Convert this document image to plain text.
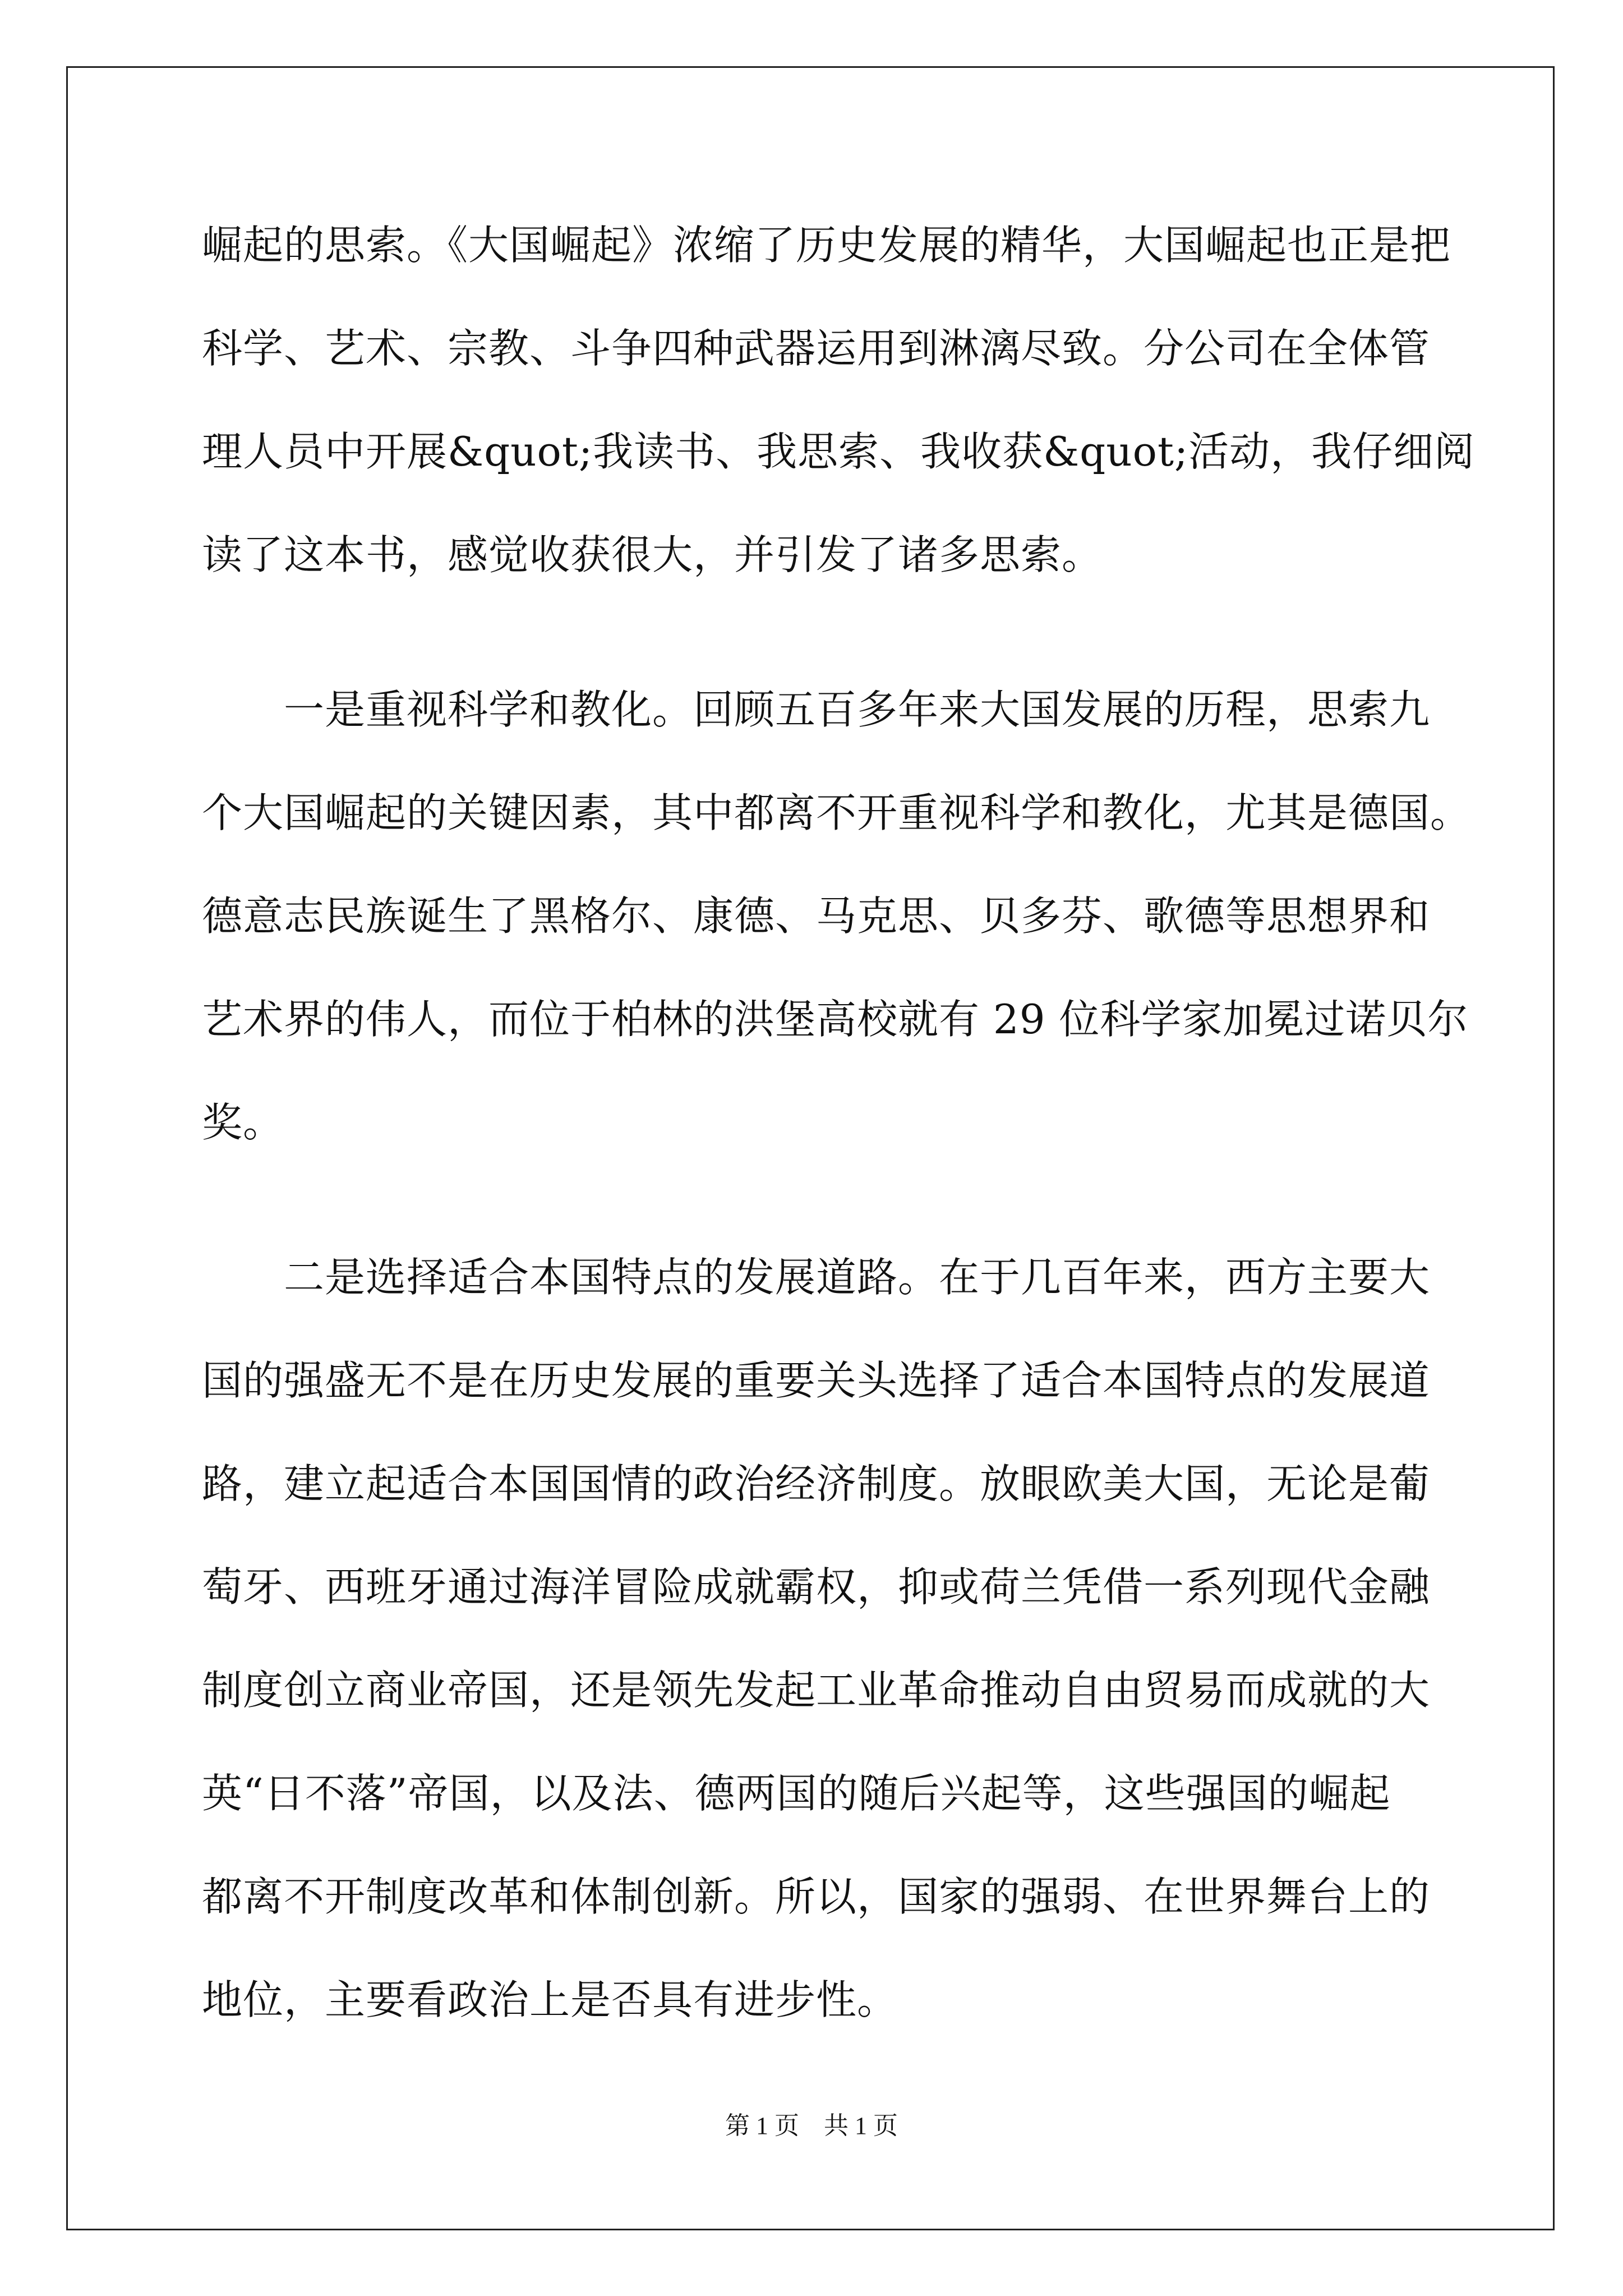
崛起的思索。《大国崛起》浓缩了历史发展的精华，大国崛起也正是把
科学、艺术、宗教、斗争四种武器运用到淋漓尽致。分公司在全体管
理人员中开展&quot;我读书、我思索、我收获&quot;活动，我仔细阅
读了这本书，感觉收获很大，并引发了诸多思索。
　　一是重视科学和教化。回顾五百多年来大国发展的历程，思索九
个大国崛起的关键因素，其中都离不开重视科学和教化，尤其是德国。
德意志民族诞生了黑格尔、康德、马克思、贝多芬、歌德等思想界和
艺术界的伟人，而位于柏林的洪堡高校就有 29 位科学家加冕过诺贝尔
奖。
　　二是选择适合本国特点的发展道路。在于几百年来，西方主要大
国的强盛无不是在历史发展的重要关头选择了适合本国特点的发展道
路，建立起适合本国国情的政治经济制度。放眼欧美大国，无论是葡
萄牙、西班牙通过海洋冒险成就霸权，抑或荷兰凭借一系列现代金融
制度创立商业帝国，还是领先发起工业革命推动自由贸易而成就的大
英“日不落”帝国，以及法、德两国的随后兴起等，这些强国的崛起
都离不开制度改革和体制创新。所以，国家的强弱、在世界舞台上的
地位，主要看政治上是否具有进步性。
第 1 页　共 1 页
